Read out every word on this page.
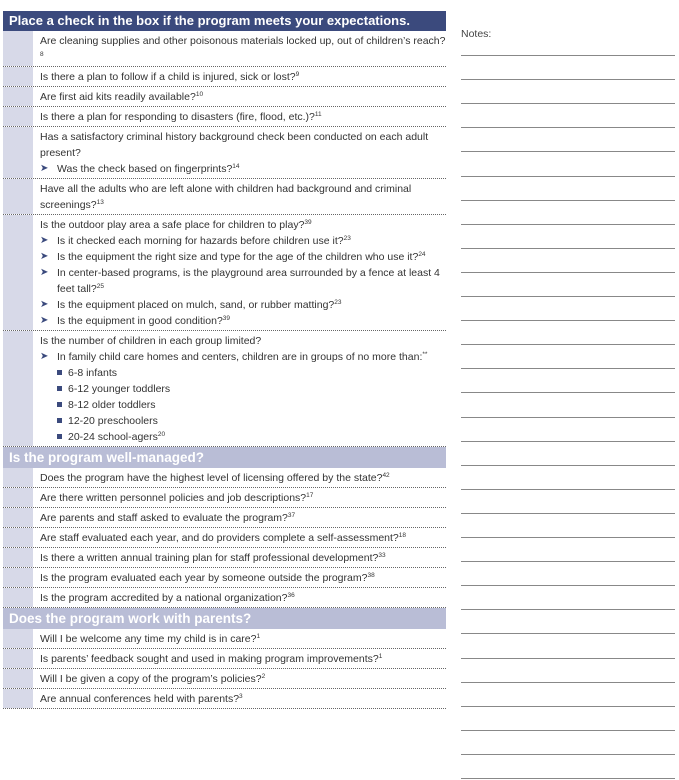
Place a check in the box if the program meets your expectations.
Are cleaning supplies and other poisonous materials locked up, out of children’s reach?$^8$
Is there a plan to follow if a child is injured, sick or lost?$^9$
Are first aid kits readily available?$^{10}$
Is there a plan for responding to disasters (fire, flood, etc.)?$^{11}$
Has a satisfactory criminal history background check been conducted on each adult present?
➤ Was the check based on fingerprints?$^{14}$
Have all the adults who are left alone with children had background and criminal screenings?$^{13}$
Is the outdoor play area a safe place for children to play?$^{39}$
➤ Is it checked each morning for hazards before children use it?$^{23}$
➤ Is the equipment the right size and type for the age of the children who use it?$^{24}$
➤ In center-based programs, is the playground area surrounded by a fence at least 4 feet tall?$^{25}$
➤ Is the equipment placed on mulch, sand, or rubber matting?$^{23}$
➤ Is the equipment in good condition?$^{39}$
Is the number of children in each group limited?
➤ In family child care homes and centers, children are in groups of no more than:**
6-8 infants
6-12 younger toddlers
8-12 older toddlers
12-20 preschoolers
20-24 school-agers$^{20}$
Is the program well-managed?
Does the program have the highest level of licensing offered by the state?$^{42}$
Are there written personnel policies and job descriptions?$^{17}$
Are parents and staff asked to evaluate the program?$^{37}$
Are staff evaluated each year, and do providers complete a self-assessment?$^{18}$
Is there a written annual training plan for staff professional development?$^{33}$
Is the program evaluated each year by someone outside the program?$^{38}$
Is the program accredited by a national organization?$^{36}$
Does the program work with parents?
Will I be welcome any time my child is in care?$^1$
Is parents’ feedback sought and used in making program improvements?$^1$
Will I be given a copy of the program’s policies?$^2$
Are annual conferences held with parents?$^3$
Notes:
